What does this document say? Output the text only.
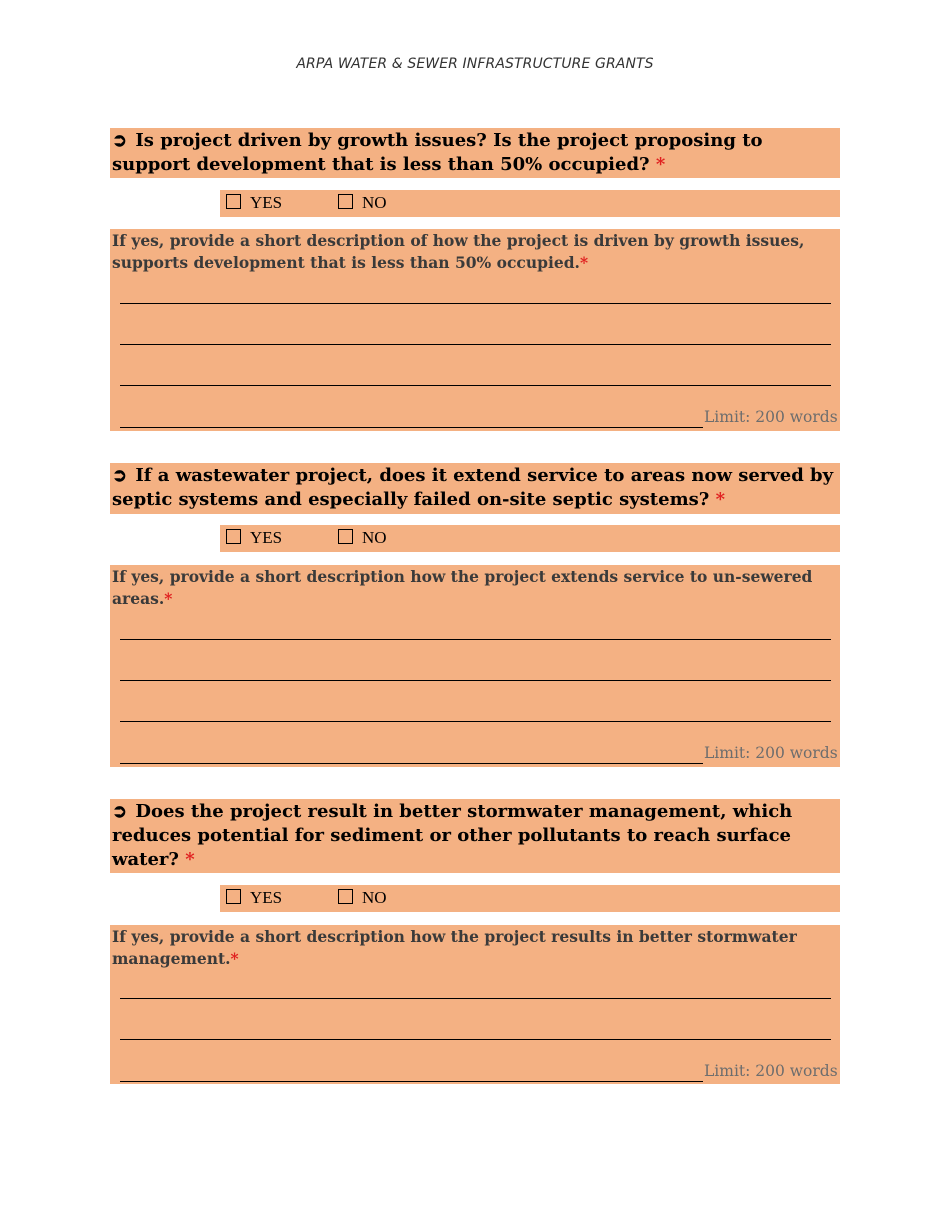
ARPA WATER & SEWER INFRASTRUCTURE GRANTS
➲ Is project driven by growth issues? Is the project proposing to support development that is less than 50% occupied? *
YES	NO
If yes, provide a short description of how the project is driven by growth issues, supports development that is less than 50% occupied.*
Limit: 200 words
➲ If a wastewater project, does it extend service to areas now served by septic systems and especially failed on-site septic systems? *
YES	NO
If yes, provide a short description how the project extends service to un-sewered areas.*
Limit: 200 words
➲ Does the project result in better stormwater management, which reduces potential for sediment or other pollutants to reach surface water? *
YES	NO
If yes, provide a short description how the project results in better stormwater management.*
Limit: 200 words
